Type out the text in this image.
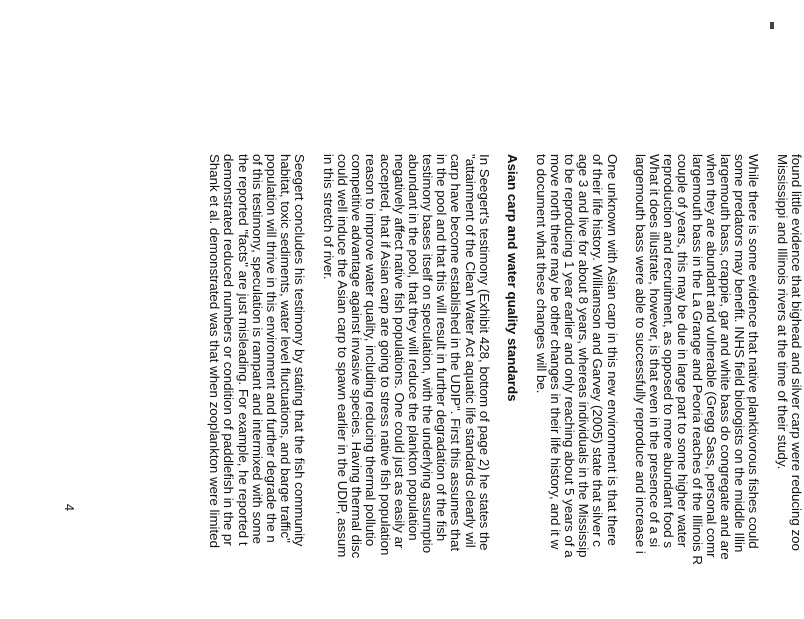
found little evidence that bighead and silver carp were reducing zoo
Mississippi and Illinois rivers at the time of their study.
While there is some evidence that native planktivorous fishes could
some predators may benefit. INHS field biologists on the middle Illin
largemouth bass, crappie, gar and white bass do congregate and are
when they are abundant and vulnerable (Gregg Sass, personal comr
largemouth bass in the La Grange and Peoria reaches of the Illinois R
couple of years, this may be due in large part to some higher water
reproduction and recruitment, as opposed to more abundant food s
What it does illustrate, however, is that even in the presence of a si
largemouth bass were able to successfully reproduce and increase i
One unknown with Asian carp in this new environment is that there
of their life history. Williamson and Garvey (2005) state that silver c
age 3 and live for about 8 years, whereas individuals in the Mississip
to be reproducing 1 year earlier and only reaching about 5 years of a
move north there may be other changes in their life history, and it w
to document what these changes will be.
Asian carp and water quality standards
In Seegert's testimony (Exhibit 428, bottom of page 2) he states the
"attainment of the Clean Water Act aquatic life standards clearly wil
carp have become established in the UDIP". First this assumes that
in the pool and that this will result in further degradation of the fish
testimony bases itself on speculation, with the underlying assumptio
abundant in the pool, that they will reduce the plankton population
negatively affect native fish populations. One could just as easily ar
accepted, that if Asian carp are going to stress native fish population
reason to improve water quality, including reducing thermal pollutio
competitive advantage against invasive species. Having thermal disc
could well induce the Asian carp to spawn earlier in the UDIP, assum
in this stretch of river.
Seegert concludes his testimony by stating that the fish community
habitat, toxic sediments, water level fluctuations, and barge traffic"
population will thrive in this environment and further degrade the n
of this testimony, speculation is rampant and intermixed with some
the reported "facts" are just misleading. For example, he reported t
demonstrated reduced numbers or condition of paddlefish in the pr
Shank et al. demonstrated was that when zooplankton were limited
4
